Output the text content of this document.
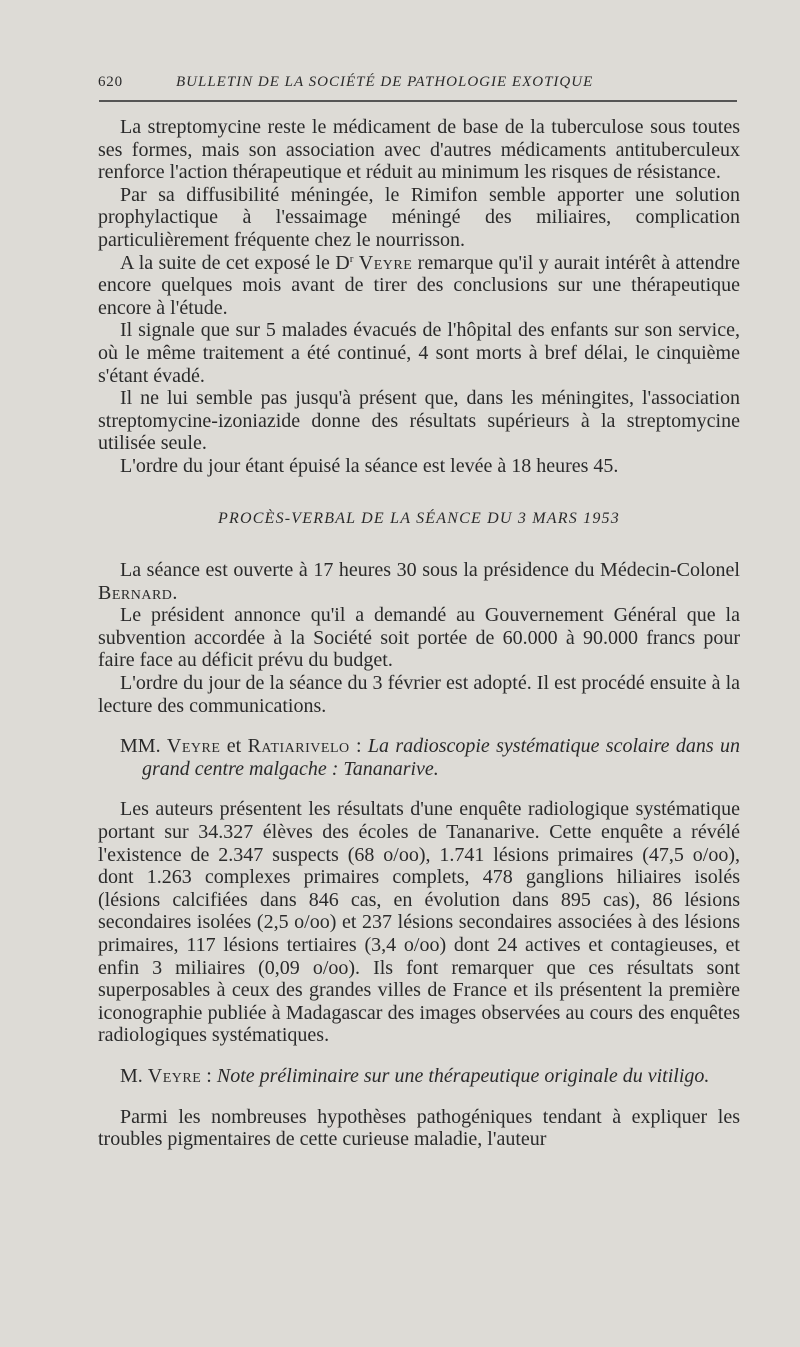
620	BULLETIN DE LA SOCIÉTÉ DE PATHOLOGIE EXOTIQUE

La streptomycine reste le médicament de base de la tuberculose sous toutes ses formes, mais son association avec d'autres médicaments antituberculeux renforce l'action thérapeutique et réduit au minimum les risques de résistance.

Par sa diffusibilité méningée, le Rimifon semble apporter une solution prophylactique à l'essaimage méningé des miliaires, complication particulièrement fréquente chez le nourrisson.

A la suite de cet exposé le $D^r$ Veyre remarque qu'il y aurait intérêt à attendre encore quelques mois avant de tirer des conclusions sur une thérapeutique encore à l'étude.

Il signale que sur 5 malades évacués de l'hôpital des enfants sur son service, où le même traitement a été continué, 4 sont morts à bref délai, le cinquième s'étant évadé.

Il ne lui semble pas jusqu'à présent que, dans les méningites, l'association streptomycine-izoniazide donne des résultats supérieurs à la streptomycine utilisée seule.

L'ordre du jour étant épuisé la séance est levée à 18 heures 45.

PROCÈS-VERBAL DE LA SÉANCE DU 3 MARS 1953

La séance est ouverte à 17 heures 30 sous la présidence du Médecin-Colonel Bernard.

Le président annonce qu'il a demandé au Gouvernement Général que la subvention accordée à la Société soit portée de 60.000 à 90.000 francs pour faire face au déficit prévu du budget.

L'ordre du jour de la séance du 3 février est adopté. Il est procédé ensuite à la lecture des communications.

MM. Veyre et Ratiarivelo : La radioscopie systématique scolaire dans un grand centre malgache : Tananarive.

Les auteurs présentent les résultats d'une enquête radiologique systématique portant sur 34.327 élèves des écoles de Tananarive. Cette enquête a révélé l'existence de 2.347 suspects (68 o/oo), 1.741 lésions primaires (47,5 o/oo), dont 1.263 complexes primaires complets, 478 ganglions hiliaires isolés (lésions calcifiées dans 846 cas, en évolution dans 895 cas), 86 lésions secondaires isolées (2,5 o/oo) et 237 lésions secondaires associées à des lésions primaires, 117 lésions tertiaires (3,4 o/oo) dont 24 actives et contagieuses, et enfin 3 miliaires (0,09 o/oo). Ils font remarquer que ces résultats sont superposables à ceux des grandes villes de France et ils présentent la première iconographie publiée à Madagascar des images observées au cours des enquêtes radiologiques systématiques.

M. Veyre : Note préliminaire sur une thérapeutique originale du vitiligo.

Parmi les nombreuses hypothèses pathogéniques tendant à expliquer les troubles pigmentaires de cette curieuse maladie, l'auteur
